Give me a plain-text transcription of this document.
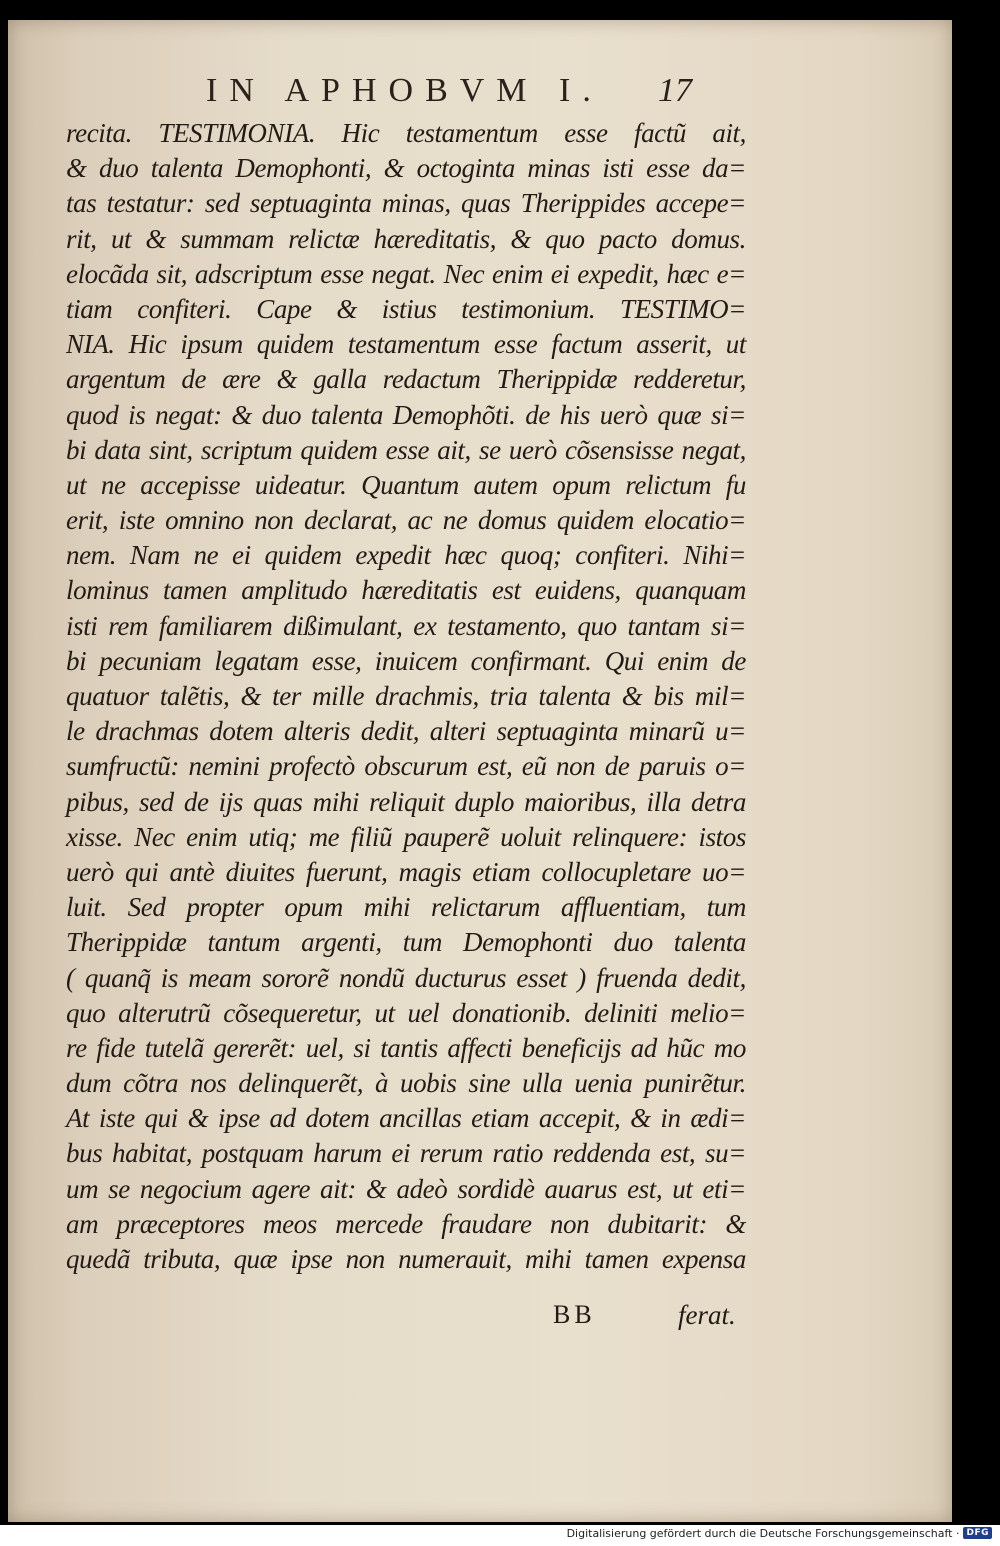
IN APHOBVM I. 17
recita. TESTIMONIA. Hic testamentum esse factũ ait,
& duo talenta Demophonti, & octoginta minas isti esse da=
tas testatur: sed septuaginta minas, quas Therippides accepe=
rit, ut & summam relictæ hæreditatis, & quo pacto domus.
elocãda sit, adscriptum esse negat. Nec enim ei expedit, hæc e=
tiam confiteri. Cape & istius testimonium. TESTIMO=
NIA. Hic ipsum quidem testamentum esse factum asserit, ut
argentum de ære & galla redactum Therippidæ redderetur,
quod is negat: & duo talenta Demophõti. de his uerò quæ si=
bi data sint, scriptum quidem esse ait, se uerò cõsensisse negat,
ut ne accepisse uideatur. Quantum autem opum relictum fu
erit, iste omnino non declarat, ac ne domus quidem elocatio=
nem. Nam ne ei quidem expedit hæc quoq; confiteri. Nihi=
lominus tamen amplitudo hæreditatis est euidens, quanquam
isti rem familiarem dißimulant, ex testamento, quo tantam si=
bi pecuniam legatam esse, inuicem confirmant. Qui enim de
quatuor talẽtis, & ter mille drachmis, tria talenta & bis mil=
le drachmas dotem alteris dedit, alteri septuaginta minarũ u=
sumfructũ: nemini profectò obscurum est, eũ non de paruis o=
pibus, sed de ijs quas mihi reliquit duplo maioribus, illa detra
xisse. Nec enim utiq; me filiũ pauperẽ uoluit relinquere: istos
uerò qui antè diuites fuerunt, magis etiam collocupletare uo=
luit. Sed propter opum mihi relictarum affluentiam, tum
Therippidæ tantum argenti, tum Demophonti duo talenta
( quanq̃ is meam sororẽ nondũ ducturus esset ) fruenda dedit,
quo alterutrũ cõsequeretur, ut uel donationib. deliniti melio=
re fide tutelã gererẽt: uel, si tantis affecti beneficijs ad hũc mo
dum cõtra nos delinquerẽt, à uobis sine ulla uenia punirẽtur.
At iste qui & ipse ad dotem ancillas etiam accepit, & in ædi=
bus habitat, postquam harum ei rerum ratio reddenda est, su=
um se negocium agere ait: & adeò sordidè auarus est, ut eti=
am præceptores meos mercede fraudare non dubitarit: &
quedã tributa, quæ ipse non numerauit, mihi tamen expensa
BB	ferat.
Digitalisierung gefördert durch die Deutsche Forschungsgemeinschaft · DFG
